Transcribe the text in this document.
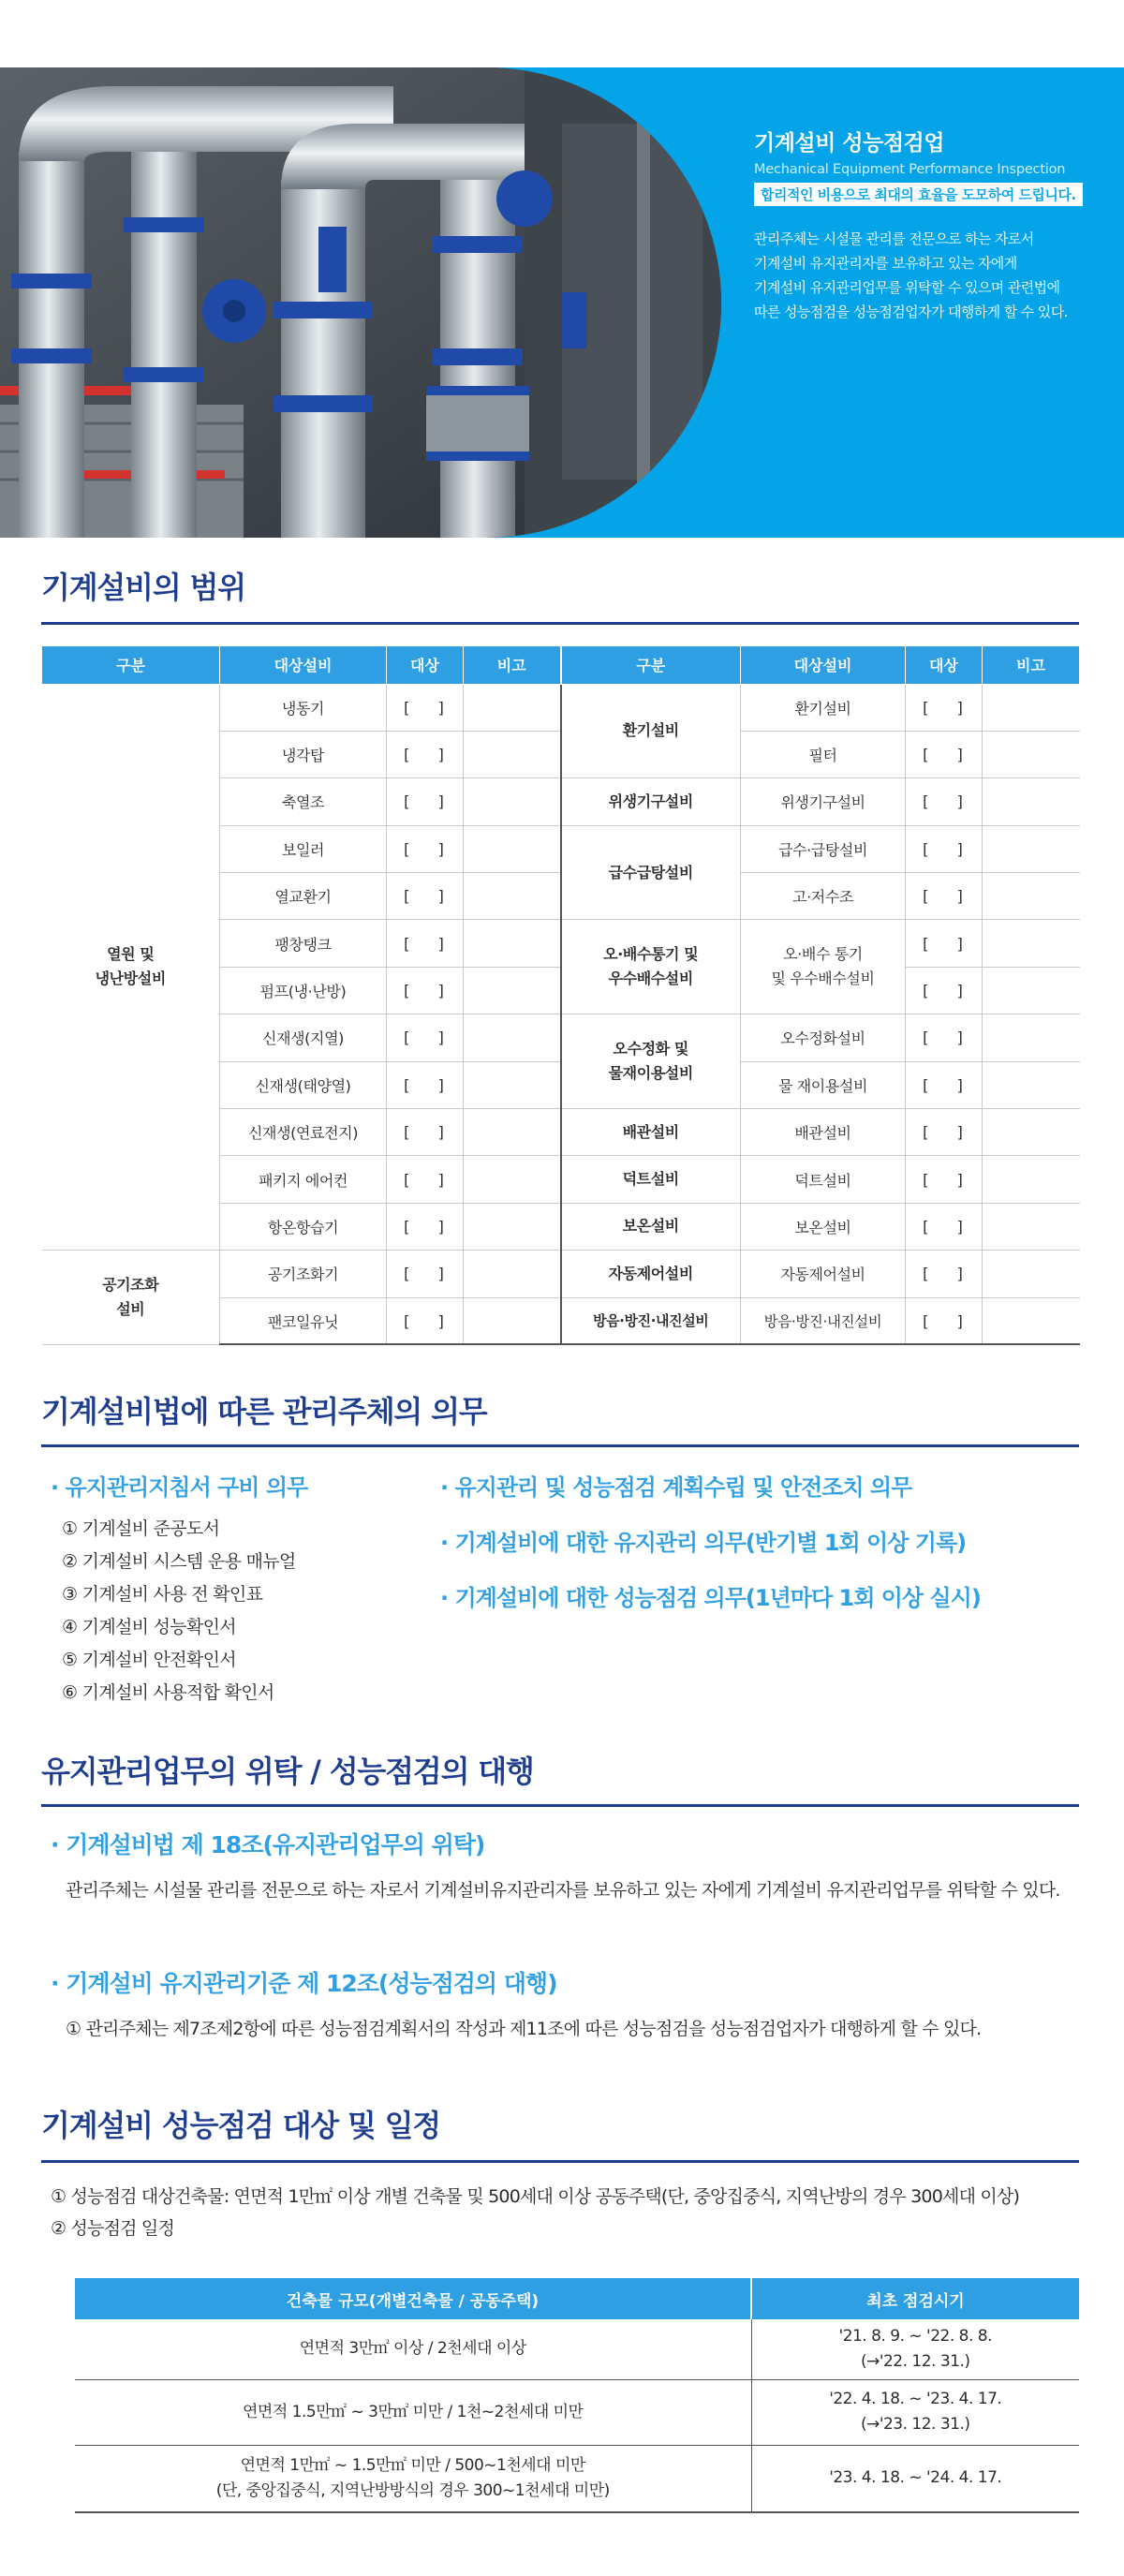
기계설비 성능점검업
Mechanical Equipment Performance Inspection
합리적인 비용으로 최대의 효율을 도모하여 드립니다.
관리주체는 시설물 관리를 전문으로 하는 자로서
기계설비 유지관리자를 보유하고 있는 자에게
기계설비 유지관리업무를 위탁할 수 있으며 관련법에
따른 성능점검을 성능점검업자가 대행하게 할 수 있다.
기계설비의 범위
구분	대상설비	대상	비고	구분	대상설비	대상	비고
열원 및
냉난방설비	냉동기	[    ]		환기설비	환기설비	[    ]	
	냉각탑	[    ]			필터	[    ]	
	축열조	[    ]		위생기구설비	위생기구설비	[    ]	
	보일러	[    ]		급수급탕설비	급수·급탕설비	[    ]	
	열교환기	[    ]			고·저수조	[    ]	
	팽창탱크	[    ]		오·배수통기 및
우수배수설비	오·배수 통기
및 우수배수설비	[    ]	
	펌프(냉·난방)	[    ]				[    ]	
	신재생(지열)	[    ]		오수정화 및
물재이용설비	오수정화설비	[    ]	
	신재생(태양열)	[    ]			물 재이용설비	[    ]	
	신재생(연료전지)	[    ]		배관설비	배관설비	[    ]	
	패키지 에어컨	[    ]		덕트설비	덕트설비	[    ]	
	항온항습기	[    ]		보온설비	보온설비	[    ]	
공기조화
설비	공기조화기	[    ]		자동제어설비	자동제어설비	[    ]	
	팬코일유닛	[    ]		방음·방진·내진설비	방음·방진·내진설비	[    ]	
기계설비법에 따른 관리주체의 의무
· 유지관리지침서 구비 의무
① 기계설비 준공도서
② 기계설비 시스템 운용 매뉴얼
③ 기계설비 사용 전 확인표
④ 기계설비 성능확인서
⑤ 기계설비 안전확인서
⑥ 기계설비 사용적합 확인서
· 유지관리 및 성능점검 계획수립 및 안전조치 의무
· 기계설비에 대한 유지관리 의무(반기별 1회 이상 기록)
· 기계설비에 대한 성능점검 의무(1년마다 1회 이상 실시)
유지관리업무의 위탁 / 성능점검의 대행
· 기계설비법 제 18조(유지관리업무의 위탁)
관리주체는 시설물 관리를 전문으로 하는 자로서 기계설비유지관리자를 보유하고 있는 자에게 기계설비 유지관리업무를 위탁할 수 있다.
· 기계설비 유지관리기준 제 12조(성능점검의 대행)
① 관리주체는 제7조제2항에 따른 성능점검계획서의 작성과 제11조에 따른 성능점검을 성능점검업자가 대행하게 할 수 있다.
기계설비 성능점검 대상 및 일정
① 성능점검 대상건축물: 연면적 1만㎡ 이상 개별 건축물 및 500세대 이상 공동주택(단, 중앙집중식, 지역난방의 경우 300세대 이상)
② 성능점검 일정
건축물 규모(개별건축물 / 공동주택)	최초 점검시기
연면적 3만㎡ 이상 / 2천세대 이상	'21. 8. 9. ~ '22. 8. 8.
(→'22. 12. 31.)
연면적 1.5만㎡ ~ 3만㎡ 미만 / 1천~2천세대 미만	'22. 4. 18. ~ '23. 4. 17.
(→'23. 12. 31.)
연면적 1만㎡ ~ 1.5만㎡ 미만 / 500~1천세대 미만
(단, 중앙집중식, 지역난방방식의 경우 300~1천세대 미만)	'23. 4. 18. ~ '24. 4. 17.
